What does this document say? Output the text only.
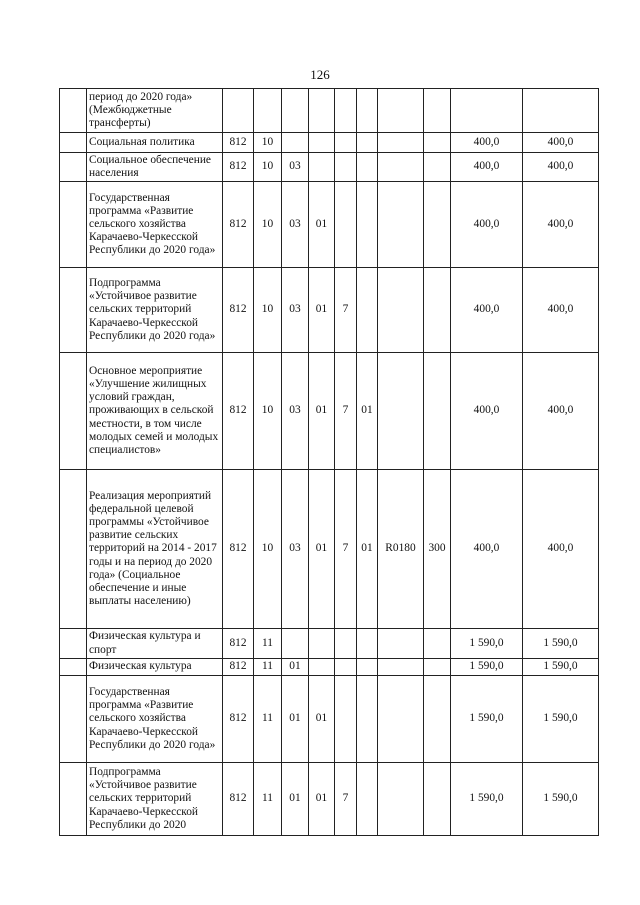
126
	период до 2020 года» (Межбюджетные трансферты)										
	Социальная политика	812	10							400,0	400,0
	Социальное обеспечение населения	812	10	03						400,0	400,0
	Государственная программа «Развитие сельского хозяйства Карачаево-Черкесской Республики до 2020 года»	812	10	03	01					400,0	400,0
	Подпрограмма «Устойчивое развитие сельских территорий Карачаево-Черкесской Республики до 2020 года»	812	10	03	01	7				400,0	400,0
	Основное мероприятие «Улучшение жилищных условий граждан, проживающих в сельской местности, в том числе молодых семей и молодых специалистов»	812	10	03	01	7	01			400,0	400,0
	Реализация мероприятий федеральной целевой программы «Устойчивое развитие сельских территорий на 2014 - 2017 годы и на период до 2020 года» (Социальное обеспечение и иные выплаты населению)	812	10	03	01	7	01	R0180	300	400,0	400,0
	Физическая культура и спорт	812	11							1 590,0	1 590,0
	Физическая культура	812	11	01						1 590,0	1 590,0
	Государственная программа «Развитие сельского хозяйства Карачаево-Черкесской Республики до 2020 года»	812	11	01	01					1 590,0	1 590,0
	Подпрограмма «Устойчивое развитие сельских территорий Карачаево-Черкесской Республики до 2020	812	11	01	01	7				1 590,0	1 590,0
